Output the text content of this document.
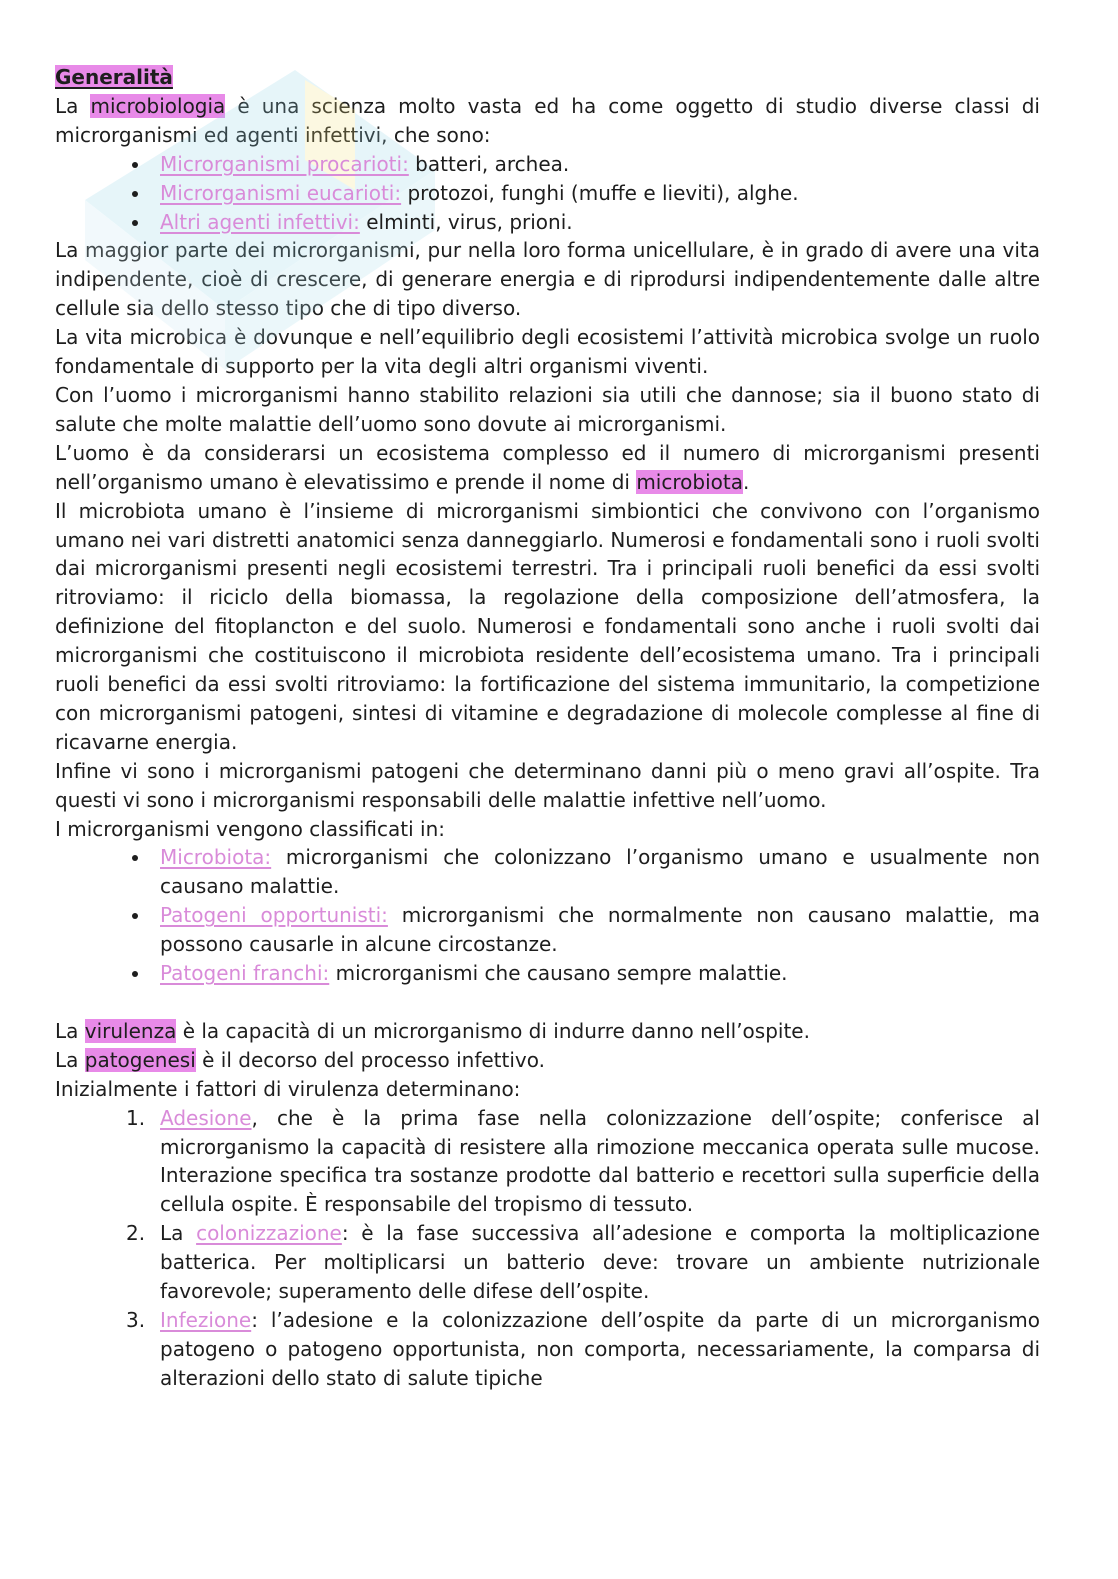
Generalità

La microbiologia è una scienza molto vasta ed ha come oggetto di studio diverse classi di microrganismi ed agenti infettivi, che sono:

Microrganismi procarioti: batteri, archea.
Microrganismi eucarioti: protozoi, funghi (muffe e lieviti), alghe.
Altri agenti infettivi: elminti, virus, prioni.

La maggior parte dei microrganismi, pur nella loro forma unicellulare, è in grado di avere una vita indipendente, cioè di crescere, di generare energia e di riprodursi indipendentemente dalle altre cellule sia dello stesso tipo che di tipo diverso.

La vita microbica è dovunque e nell’equilibrio degli ecosistemi l’attività microbica svolge un ruolo fondamentale di supporto per la vita degli altri organismi viventi.

Con l’uomo i microrganismi hanno stabilito relazioni sia utili che dannose; sia il buono stato di salute che molte malattie dell’uomo sono dovute ai microrganismi.

L’uomo è da considerarsi un ecosistema complesso ed il numero di microrganismi presenti nell’organismo umano è elevatissimo e prende il nome di microbiota.

Il microbiota umano è l’insieme di microrganismi simbiontici che convivono con l’organismo umano nei vari distretti anatomici senza danneggiarlo. Numerosi e fondamentali sono i ruoli svolti dai microrganismi presenti negli ecosistemi terrestri. Tra i principali ruoli benefici da essi svolti ritroviamo: il riciclo della biomassa, la regolazione della composizione dell’atmosfera, la definizione del fitoplancton e del suolo. Numerosi e fondamentali sono anche i ruoli svolti dai microrganismi che costituiscono il microbiota residente dell’ecosistema umano. Tra i principali ruoli benefici da essi svolti ritroviamo: la fortificazione del sistema immunitario, la competizione con microrganismi patogeni, sintesi di vitamine e degradazione di molecole complesse al fine di ricavarne energia.

Infine vi sono i microrganismi patogeni che determinano danni più o meno gravi all’ospite. Tra questi vi sono i microrganismi responsabili delle malattie infettive nell’uomo.

I microrganismi vengono classificati in:

Microbiota: microrganismi che colonizzano l’organismo umano e usualmente non causano malattie.
Patogeni opportunisti: microrganismi che normalmente non causano malattie, ma possono causarle in alcune circostanze.
Patogeni franchi: microrganismi che causano sempre malattie.

La virulenza è la capacità di un microrganismo di indurre danno nell’ospite.

La patogenesi è il decorso del processo infettivo.

Inizialmente i fattori di virulenza determinano:

1. Adesione, che è la prima fase nella colonizzazione dell’ospite; conferisce al microrganismo la capacità di resistere alla rimozione meccanica operata sulle mucose. Interazione specifica tra sostanze prodotte dal batterio e recettori sulla superficie della cellula ospite. È responsabile del tropismo di tessuto.
2. La colonizzazione: è la fase successiva all’adesione e comporta la moltiplicazione batterica. Per moltiplicarsi un batterio deve: trovare un ambiente nutrizionale favorevole; superamento delle difese dell’ospite.
3. Infezione: l’adesione e la colonizzazione dell’ospite da parte di un microrganismo patogeno o patogeno opportunista, non comporta, necessariamente, la comparsa di alterazioni dello stato di salute tipiche
